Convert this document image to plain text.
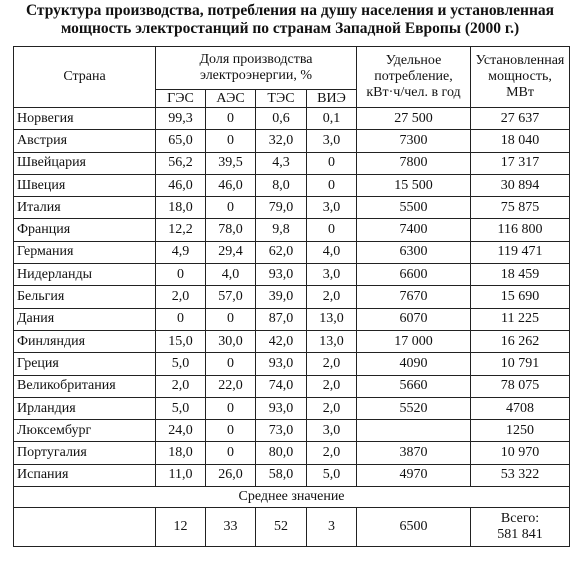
Структура производства, потребления на душу населения и установленная
мощность электростанций по странам Западной Европы (2000 г.)
Страна	Доля производства электроэнергии, %				Удельное потребление, кВт·ч/чел. в год	Установленная мощность, МВт
	ГЭС	АЭС	ТЭС	ВИЭ		
Норвегия	99,3	0	0,6	0,1	27 500	27 637
Австрия	65,0	0	32,0	3,0	7300	18 040
Швейцария	56,2	39,5	4,3	0	7800	17 317
Швеция	46,0	46,0	8,0	0	15 500	30 894
Италия	18,0	0	79,0	3,0	5500	75 875
Франция	12,2	78,0	9,8	0	7400	116 800
Германия	4,9	29,4	62,0	4,0	6300	119 471
Нидерланды	0	4,0	93,0	3,0	6600	18 459
Бельгия	2,0	57,0	39,0	2,0	7670	15 690
Дания	0	0	87,0	13,0	6070	11 225
Финляндия	15,0	30,0	42,0	13,0	17 000	16 262
Греция	5,0	0	93,0	2,0	4090	10 791
Великобритания	2,0	22,0	74,0	2,0	5660	78 075
Ирландия	5,0	0	93,0	2,0	5520	4708
Люксембург	24,0	0	73,0	3,0		1250
Португалия	18,0	0	80,0	2,0	3870	10 970
Испания	11,0	26,0	58,0	5,0	4970	53 322
Среднее значение						
	12	33	52	3	6500	Всего:
581 841
